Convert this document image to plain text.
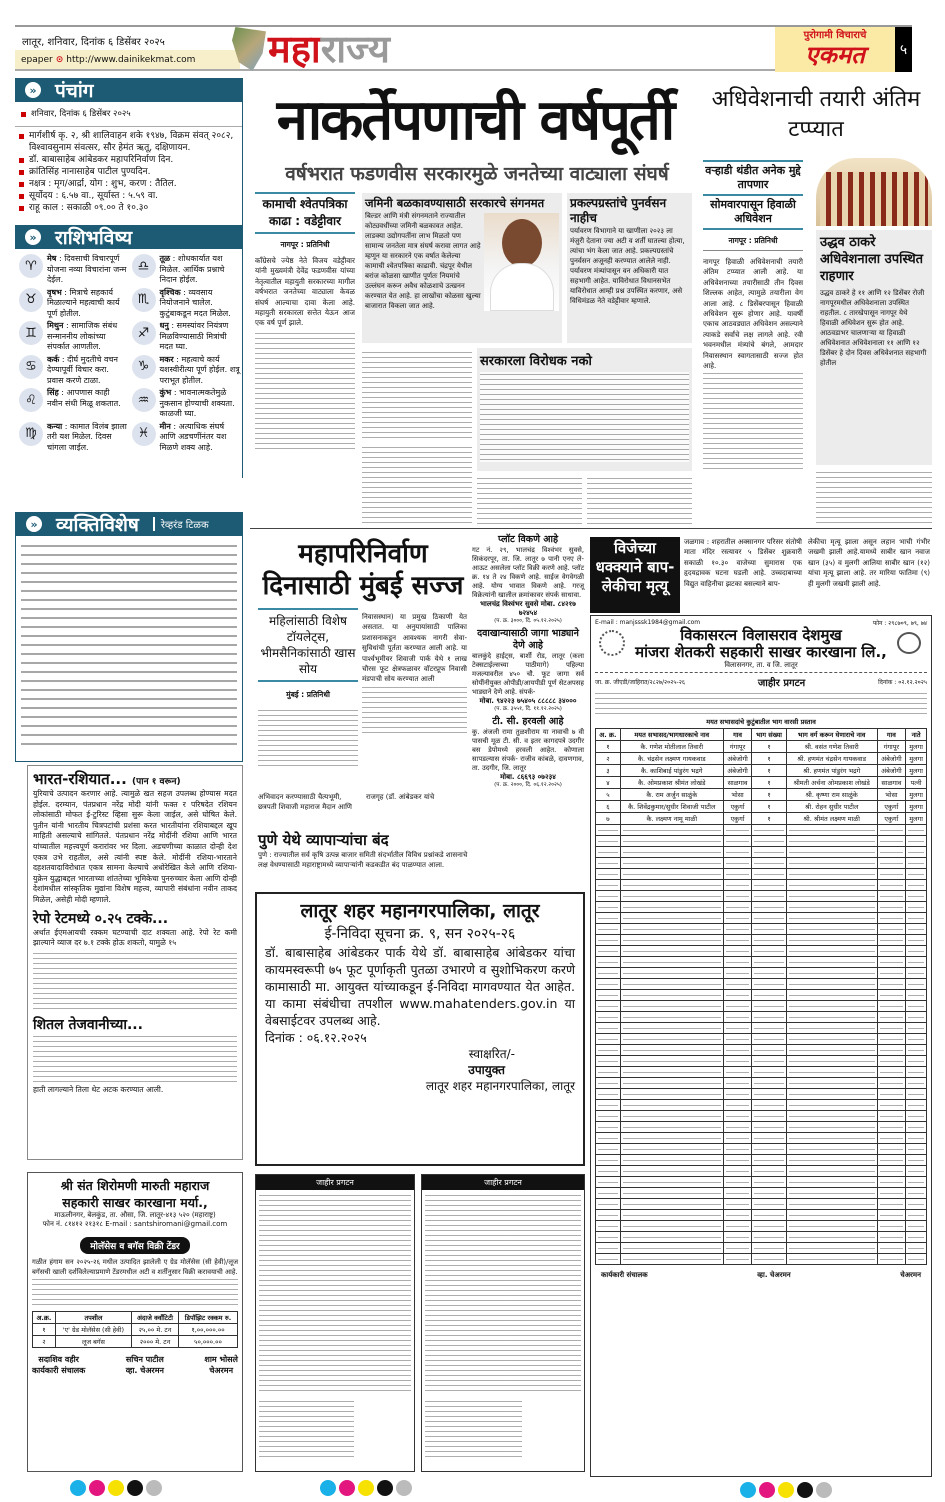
लातूर, शनिवार, दिनांक ६ डिसेंबर २०२५
epaper ⊙ http://www.dainikekmat.com महाराज्य	पुरोगामी विचाराचे
एकमत	५
» पंचांग
शनिवार, दिनांक ६ डिसेंबर २०२५
मार्गशीर्ष कृ. २, श्री शालिवाहन शके १९४७, विक्रम संवत् २०८२, विश्वावसुनाम संवत्सर, सौर हेमंत ऋतू, दक्षिणायन.
डॉ. बाबासाहेब आंबेडकर महापरिनिर्वाण दिन.
क्रांतिसिंह नानासाहेब पाटील पुण्यदिन.
नक्षत्र : मृग/आर्द्रा, योग : शुभ, करण : तैतिल.
सूर्योदय : ६.५७ वा., सूर्यास्त : ५.५९ वा.
राहू काल : सकाळी ०९.०० ते १०.३०
» राशिभविष्य
♈	मेष : दिवसाची विचारपूर्ण योजना नव्या विचारांना जन्म देईल.
♎	तूळ : शोधकार्यात यश मिळेल. आर्थिक प्रश्नाचे निदान होईल.
♉	वृषभ : मित्राचे सहकार्य मिळाल्याने महत्वाची कार्य पूर्ण होतील.
♏	वृश्चिक : व्यवसाय नियोजनाने चालेल. कुटुंबाकडून मदत मिळेल.
♊	मिथुन : सामाजिक संबंध सन्माननीय लोकांच्या संपर्कात आणतील.
♐	धनु : समस्यांवर नियंत्रण मिळविण्यासाठी मित्रांची मदत घ्या.
♋	कर्क : दीर्घ मुदतीचे वचन देण्यापूर्वी विचार करा. प्रवास करणे टाळा.
♑	मकर : महत्वाचे कार्य यशस्वीरीत्या पूर्ण होईल. शत्रू पराभूत होतील.
♌	सिंह : आपणास काही नवीन संधी मिळू शकतात.	♒	कुंभ : भावनात्मकतेमुळे नुकसान होण्याची शक्यता. काळजी घ्या.
♍	कन्या : कामात विलंब झाला तरी यश मिळेल. दिवस चांगला जाईल.
♓	मीन : अत्याधिक संघर्ष आणि अडचणींनंतर यश मिळणे शक्य आहे.
» व्यक्तिविशेष	रेव्हरंड टिळक
भारत-रशियात... (पान १ वरून)

युरियाचे उत्पादन करणार आहे. त्यामुळे खत सहज उपलब्ध होण्यास मदत होईल. दरम्यान, पंतप्रधान नरेंद्र मोदी यांनी फक्त र परिषदेत रशियन लोकांसाठी मोफत ई-टुरिस्ट व्हिसा सुरू केला जाईल, असे घोषित केले. पुतीन यांनी भारतीय चित्रपटांची प्रशंसा करत भारतीयांना रशियाबद्दल खूप माहिती असल्याचे सांगितले. पंतप्रधान नरेंद्र मोदींनी रशिया आणि भारत यांच्यातील महत्त्वपूर्ण करारांवर भर दिला. अडचणीच्या काळात दोन्ही देश एकत्र उभे राहतील, असे त्यांनी स्पष्ट केले. मोदींनी रशिया-भारताने दहशतवादाविरोधात एकत्र सामना केल्याचे अधोरेखित केले आणि रशिया-युक्रेन युद्धाबद्दल भारताच्या शांततेच्या भूमिकेचा पुनरुच्चार केला आणि दोन्ही देशांमधील सांस्कृतिक मुद्यांना विशेष महत्त्व, व्यापारी संबंधांना नवीन ताकद मिळेल, असेही मोदी म्हणाले.

रेपो रेटमध्ये ०.२५ टक्के...

अर्थात ईएमआयची रक्कम घटण्याची दाट शक्यता आहे. रेपो रेट कमी झाल्याने व्याज दर ७.१ टक्के होऊ शकतो, यामुळे १५

शितल तेजवानीच्या...

हाती लागल्याने तिला थेट अटक करण्यात आली.

श्री संत शिरोमणी मारुती महाराज
सहकारी साखर कारखाना मर्या.,
माऊलीनगर, बेलकुंड, ता. औसा, जि. लातूर-४१३ ५२० (महाराष्ट्र)
फोन नं. ८१४१२ २१३१८ E-mail : santshiromani@gmail.com
मोलॅसेस व बगॅस विक्री टेंडर

गळीत हंगाम सन २०२५-२६ मधील उत्पादित झालेली ए ग्रेड मोलॅसेस (सी हेवी)/लूज बगॅसची खाली दर्शविलेल्याप्रमाणे टेंडरमधील अटी व शर्तीनुसार विक्री करावयाची आहे.

अ.क्र.	तपशील	अंदाजे क्वाँटिटी	डिपॉझिट रक्कम रु.
१	'ए' ग्रेड मोलॅसेस (सी हेवी)	२५,०० मे. टन	१,००,०००.००
२	लूज बगॅस	२००० मे. टन	५०,०००.००
सदाशिव वहीर
कार्यकारी संचालक
सचिन पाटील
व्हा. चेअरमन
शाम भोसले
चेअरमन
नाकर्तेपणाची वर्षपूर्ती
वर्षभरात फडणवीस सरकारमुळे जनतेच्या वाट्याला संघर्ष
कामाची श्वेतपत्रिका काढा : वडेट्टीवार
नागपूर : प्रतिनिधी

काँग्रेसचे ज्येष्ठ नेते विजय वडेट्टीवार यांनी मुख्यमंत्री देवेंद्र फडणवीस यांच्या नेतृत्वातील महायुती सरकारच्या मागील वर्षभरात जनतेच्या वाट्याला केवळ संघर्ष आल्याचा दावा केला आहे. महायुती सरकारला सत्तेत येऊन आज एक वर्ष पूर्ण झाले.

जमिनी बळकावण्यासाठी सरकारचे संगनमत

बिल्डर आणि मंत्री संगनमताने राज्यातील कोट्यवधींच्या जमिनी बळकावत आहेत. लाडक्या उद्योगपतींना लाभ मिळतो पण सामान्य जनतेला मात्र संघर्ष करावा लागत आहे म्हणून या सरकारने एक वर्षात केलेल्या कामाची श्वेतपत्रिका काढावी. चंद्रपूर येथील बरांज कोळसा खाणीत पूर्णतः नियमांचे उल्लंघन करून अवैध कोळशाचे उत्खनन करण्यात येत आहे. हा लाखोंचा कोळसा खुल्या बाजारात विकला जात आहे.

प्रकल्पग्रस्तांचे पुनर्वसन नाहीच

पर्यावरण विभागाने या खाणीला २०२३ ला मंजुरी देताना ज्या अटी व शर्ती घातल्या होत्या, त्यांचा भंग केला जात आहे. प्रकल्पग्रस्तांचे पुनर्वसन अजूनही करण्यात आलेले नाही. पर्यावरण मंत्र्यांपासून वन अधिकारी यात सहभागी आहेत. याविरोधात विधानसभेत याविरोधात आम्ही प्रश्न उपस्थित करणार, असे विधिमंडळ नेते वडेट्टीवार म्हणाले.

सरकारला विरोधक नको
अधिवेशनाची तयारी अंतिम टप्प्यात
वऱ्हाडी थंडीत अनेक मुद्दे तापणार
सोमवारपासून हिवाळी अधिवेशन
नागपूर : प्रतिनिधी

नागपूर हिवाळी अधिवेशनाची तयारी अंतिम टप्प्यात आली आहे. या अधिवेशनाच्या तयारीसाठी तीन दिवस शिल्लक आहेत, त्यामुळे तयारीला वेग आला आहे. ८ डिसेंबरपासून हिवाळी अधिवेशन सुरू होणार आहे. यावर्षी एकाच आठवड्यात अधिवेशन असल्याने त्याकडे सर्वांचे लक्ष लागले आहे. रवी भवनमधील मंत्र्यांचे बंगले, आमदार निवासस्थान स्वागतासाठी सज्ज होत आहे.

उद्धव ठाकरे अधिवेशनाला उपस्थित राहणार

उद्धव ठाकरे हे ११ आणि १२ डिसेंबर रोजी नागपूरमधील अधिवेशनाला उपस्थित राहतील. ८ तारखेपासून नागपूर येथे हिवाळी अधिवेशन सुरू होत आहे. आठवडाभर चालणाऱ्या या हिवाळी अधिवेशनात अधिवेशनाला ११ आणि १२ डिसेंबर हे दोन दिवस अधिवेशनात सहभागी होतील

महापरिनिर्वाण दिनासाठी मुंबई सज्ज
महिलांसाठी विशेष टॉयलेट्स, भीमसैनिकांसाठी खास सोय
मुंबई : प्रतिनिधी

निवासस्थान) या प्रमुख ठिकाणी येत असतात. या अनुयायांसाठी पालिका प्रशासनाकडून आवश्यक नागरी सेवा-सुविधांची पूर्तता करण्यात आली आहे. या पार्श्वभूमीवर शिवाजी पार्क येथे १ लाख चौरस फूट क्षेत्रफळावर वॉटरप्रूफ निवासी मंडपाची सोय करण्यात आली

अभिवादन करण्यासाठी चैत्यभूमी, छत्रपती शिवाजी महाराज मैदान आणि राजगृह (डॉ. आंबेडकर यांचे
पुणे येथे व्यापाऱ्यांचा बंद

पुणे : राज्यातील सर्व कृषि उत्पन्न बाजार समिती संदर्भातील विविध प्रश्नांकडे शासनाचे लक्ष वेधण्यासाठी महाराष्ट्रामध्ये व्यापाऱ्यांनी कडकडीत बंद पाळण्यात आला.

प्लॉट विकणे आहे

गट नं. २९, भालचंद्र विश्वंभर सुवसे, सिकंदरपूर, ता. जि. लातूर ७ पानी एनए ले-आऊट असलेला प्लॉट विक्री करणे आहे. प्लॉट क्र. १४ ते २४ विकणे आहे. साईज वेगवेगळी आहे. योग्य भावात विकणे आहे. गरजू विक्रेत्यांनी खालील क्रमांकावर संपर्क साधावा.

भालचंद्र विश्वंभर सुवसे मोबा. ८४२१७ ७२४५४
(प. क्र. ३०००, दि. ०५.१२.२०२५)
दवाखान्यासाठी जागा भाड्याने देणे आहे

बालकुंदे हाईट्स, बार्शी रोड, लातूर (कला टेक्सटाईल्सच्या पाठीमागे) पहिल्या मजल्यावरील ४५० चौ. फूट जागा सर्व सोयींनीयुक्त ओपीडी/आयपीडी पूर्ण सेटअपसह भाड्याने देणे आहे. संपर्क-

मोबा. ९४२२३ ७५४०५ ८८८८८ ३४०००
(प. क्र. ३५५१, दि. ११.१२.२०२५)
टी. सी. हरवली आहे

कु. अंजली रामा तुळशीराम या नावाची ७ वी पासची मूळ टी. सी. व इतर कागदपत्रे उदगीर बस डेपोमध्ये हरवली आहेत. कोणाला सापडल्यास संपर्क- राजीव कांबळे, दावणगाव, ता. उदगीर, जि. लातूर

मोबा. ८६६९३ ०७२३४
(प. क्र. २०००, दि. ०६.१२.२०२५)
विजेच्या धक्क्याने बाप-लेकीचा मृत्यू
जळगाव : शहरातील अक्सानगर परिसर संतोषी माता मंदिर रस्त्यावर ५ डिसेंबर शुक्रवारी सकाळी १०.३० वाजेच्या सुमारास एक हृदयद्रावक घटना घडली आहे. उच्चदाबाच्या विद्युत वाहिनीचा झटका बसल्याने बाप-
लेकीचा मृत्यू झाला असून लहान भाची गंभीर जखमी झाली आहे.यामध्ये साबीर खान नवाज खान (३५) व मुलगी आलिया साबीर खान (१२) यांचा मृत्यू झाला आहे. तर मारिया फातिमा (९) ही मुलगी जखमी झाली आहे.
E-mail : manjsssk1984@gmail.com	फोन : २९८७०९, ७९, ७४
विकासरत्न विलासराव देशमुख
मांजरा शेतकरी सहकारी साखर कारखाना लि.,
विलासनगर, ता. व जि. लातूर
जा. क्र. जीएडी/जाहिरात/२८२७/२०२५-२६	जाहीर प्रगटन	दिनांक : ०२.१२.२०२५
मयत सभासदांचे कुटुंबातील भाग वारसी प्रस्ताव
अ. क्र.	मयत सभासद/भागधारकाचे नाव	गाव	भाग संख्या	भाग वर्ग करून घेणाराचे नाव	गाव	नाते
१	कै. गणेश मोतीलाल तिवारी	गंगापूर	१	श्री. वसंत गणेश तिवारी	गंगापूर	मुलगा
२	कै. चंद्रसेन लक्ष्मण गायकवाड	अंबेजोगी	१	श्री. हणमंत चंद्रसेन गायकवाड	अंबेजोगी	मुलगा
३	कै. काशिबाई पांडुरंग भद्रगे	अंबेजोगी	१	श्री. हणमंत पांडुरंग भद्रगे	अंबेजोगी	मुलगा
४	कै. ओमप्रकाश श्रीमंत लोखंडे	साळगाव	१	श्रीमती अर्चना ओमप्रकाश लोखंडे	साळगाव	पत्नी
५	कै. राम अर्जुन साळुंके	भोसा	१	श्री. कृष्णा राम साळुंके	भोसा	मुलगा
६	कै. शिवेंद्रकुमार/सुधीर शिवाजी पाटील	एकुर्गा	१	श्री. रोहन सुधीर पाटील	एकुर्गा	मुलगा
७	कै. लक्ष्मण नामू माळी	एकुर्गा	१	श्री. श्रीमंत लक्ष्मण माळी	एकुर्गा	मुलगा

कार्यकारी संचालक	व्हा. चेअरमन	चेअरमन
लातूर शहर महानगरपालिका, लातूर
ई-निविदा सूचना क्र. ९, सन २०२५-२६

डॉ. बाबासाहेब आंबेडकर पार्क येथे डॉ. बाबासाहेब आंबेडकर यांचा कायमस्वरूपी ७५ फूट पूर्णाकृती पुतळा उभारणे व सुशोभिकरण करणे कामासाठी मा. आयुक्त यांच्याकडून ई-निविदा मागवण्यात येत आहेत. या कामा संबंधीचा तपशील www.mahatenders.gov.in या वेबसाईटवर उपलब्ध आहे.

दिनांक : ०६.१२.२०२५
स्वाक्षरित/-
उपायुक्त
लातूर शहर महानगरपालिका, लातूर
जाहीर प्रगटन	जाहीर प्रगटन
